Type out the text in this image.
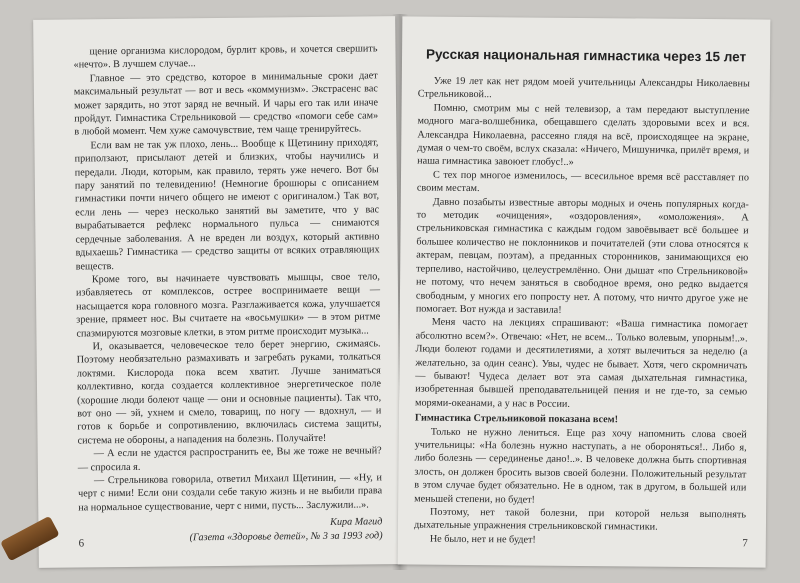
щение организма кислородом, бурлит кровь, и хочется свершить «нечто». В лучшем случае...

Главное — это средство, которое в минимальные сроки дает максимальный результат — вот и весь «коммунизм». Экстрасенс вас может зарядить, но этот заряд не вечный. И чары его так или иначе пройдут. Гимнастика Стрельниковой — средство «помоги себе сам» в любой момент. Чем хуже самочувствие, тем чаще тренируйтесь.

Если вам не так уж плохо, лень... Вообще к Щетинину приходят, приползают, присылают детей и близких, чтобы научились и передали. Люди, которым, как правило, терять уже нечего. Вот бы пару занятий по телевидению! (Немногие брошюры с описанием гимнастики почти ничего общего не имеют с оригиналом.) Так вот, если лень — через несколько занятий вы заметите, что у вас вырабатывается рефлекс нормального пульса — снимаются сердечные заболевания. А не вреден ли воздух, который активно вдыхаешь? Гимнастика — средство защиты от всяких отравляющих веществ.

Кроме того, вы начинаете чувствовать мышцы, свое тело, избавляетесь от комплексов, острее воспринимаете вещи — насыщается кора головного мозга. Разглаживается кожа, улучшается зрение, прямеет нос. Вы считаете на «восьмушки» — в этом ритме спазмируются мозговые клетки, в этом ритме происходит музыка...

И, оказывается, человеческое тело берет энергию, сжимаясь. Поэтому необязательно размахивать и загребать руками, толкаться локтями. Кислорода пока всем хватит. Лучше заниматься коллективно, когда создается коллективное энергетическое поле (хорошие люди болеют чаще — они и основные пациенты). Так что, вот оно — эй, ухнем и смело, товарищ, по ногу — вдохнул, — и готов к борьбе и сопротивлению, включилась система защиты, система не обороны, а нападения на болезнь. Получайте!

— А если не удастся распространить ее, Вы же тоже не вечный? — спросила я.

— Стрельникова говорила, ответил Михаил Щетинин, — «Ну, и черт с ними! Если они создали себе такую жизнь и не выбили права на нормальное существование, черт с ними, пусть... Заслужили...».

Кира Магид

(Газета «Здоровье детей», № 3 за 1993 год)

6
Русская национальная гимнастика через 15 лет

Уже 19 лет как нет рядом моей учительницы Александры Николаевны Стрельниковой...

Помню, смотрим мы с ней телевизор, а там передают выступление модного мага-волшебника, обещавшего сделать здоровыми всех и вся. Александра Николаевна, рассеяно глядя на всё, происходящее на экране, думая о чем-то своём, вслух сказала: «Ничего, Мишуничка, прилёт время, и наша гимнастика завоюет глобус!..»

С тех пор многое изменилось, — всесильное время всё расставляет по своим местам.

Давно позабыты известные авторы модных и очень популярных когда-то методик «очищения», «оздоровления», «омоложения». А стрельниковская гимнастика с каждым годом завоёвывает всё большее и большее количество не поклонников и почитателей (эти слова относятся к актерам, певцам, поэтам), а преданных сторонников, занимающихся ею терпеливо, настойчиво, целеустремлённо. Они дышат «по Стрельниковой» не потому, что нечем заняться в свободное время, оно редко выдается свободным, у многих его попросту нет. А потому, что ничто другое уже не помогает. Вот нужда и заставила!

Меня часто на лекциях спрашивают: «Ваша гимнастика помогает абсолютно всем?». Отвечаю: «Нет, не всем... Только волевым, упорным!..». Люди болеют годами и десятилетиями, а хотят вылечиться за неделю (а желательно, за один сеанс). Увы, чудес не бывает. Хотя, чего скромничать — бывают! Чудеса делает вот эта самая дыхательная гимнастика, изобретенная бывшей преподавательницей пения и не где-то, за семью морями-океанами, а у нас в России.

Гимнастика Стрельниковой показана всем!

Только не нужно лениться. Еще раз хочу напомнить слова своей учительницы: «На болезнь нужно наступать, а не обороняться!.. Либо я, либо болезнь — серединенье дано!..». В человеке должна быть спортивная злость, он должен бросить вызов своей болезни. Положительный результат в этом случае будет обязательно. Не в одном, так в другом, в большей или меньшей степени, но будет!

Поэтому, нет такой болезни, при которой нельзя выполнять дыхательные упражнения стрельниковской гимнастики.

Не было, нет и не будет!	7
